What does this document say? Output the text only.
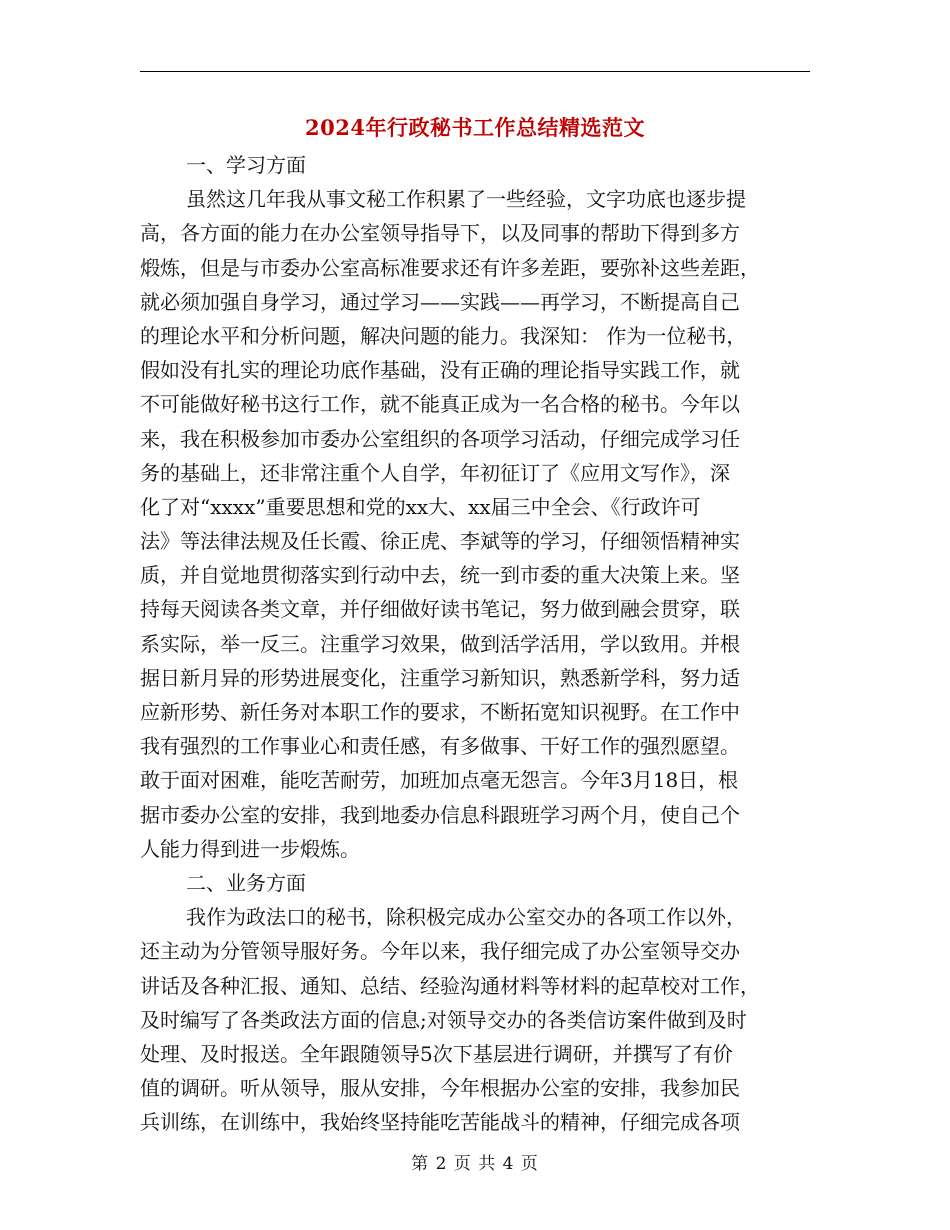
2024年行政秘书工作总结精选范文
一、学习方面
虽然这几年我从事文秘工作积累了一些经验，文字功底也逐步提
高，各方面的能力在办公室领导指导下，以及同事的帮助下得到多方
煅炼，但是与市委办公室高标准要求还有许多差距，要弥补这些差距，
就必须加强自身学习，通过学习——实践——再学习，不断提高自己
的理论水平和分析问题，解决问题的能力。我深知： 作为一位秘书，
假如没有扎实的理论功底作基础，没有正确的理论指导实践工作，就
不可能做好秘书这行工作，就不能真正成为一名合格的秘书。今年以
来，我在积极参加市委办公室组织的各项学习活动，仔细完成学习任
务的基础上，还非常注重个人自学，年初征订了《应用文写作》，深
化了对“xxxx”重要思想和党的xx大、xx届三中全会、《行政许可
法》等法律法规及任长霞、徐正虎、李斌等的学习，仔细领悟精神实
质，并自觉地贯彻落实到行动中去，统一到市委的重大决策上来。坚
持每天阅读各类文章，并仔细做好读书笔记，努力做到融会贯穿，联
系实际，举一反三。注重学习效果，做到活学活用，学以致用。并根
据日新月异的形势进展变化，注重学习新知识，熟悉新学科，努力适
应新形势、新任务对本职工作的要求，不断拓宽知识视野。在工作中
我有强烈的工作事业心和责任感，有多做事、干好工作的强烈愿望。
敢于面对困难，能吃苦耐劳，加班加点毫无怨言。今年3月18日，根
据市委办公室的安排，我到地委办信息科跟班学习两个月，使自己个
人能力得到进一步煅炼。
二、业务方面
我作为政法口的秘书，除积极完成办公室交办的各项工作以外，
还主动为分管领导服好务。今年以来，我仔细完成了办公室领导交办
讲话及各种汇报、通知、总结、经验沟通材料等材料的起草校对工作，
及时编写了各类政法方面的信息;对领导交办的各类信访案件做到及时
处理、及时报送。全年跟随领导5次下基层进行调研，并撰写了有价
值的调研。听从领导，服从安排，今年根据办公室的安排，我参加民
兵训练，在训练中，我始终坚持能吃苦能战斗的精神，仔细完成各项
第 2 页 共 4 页
